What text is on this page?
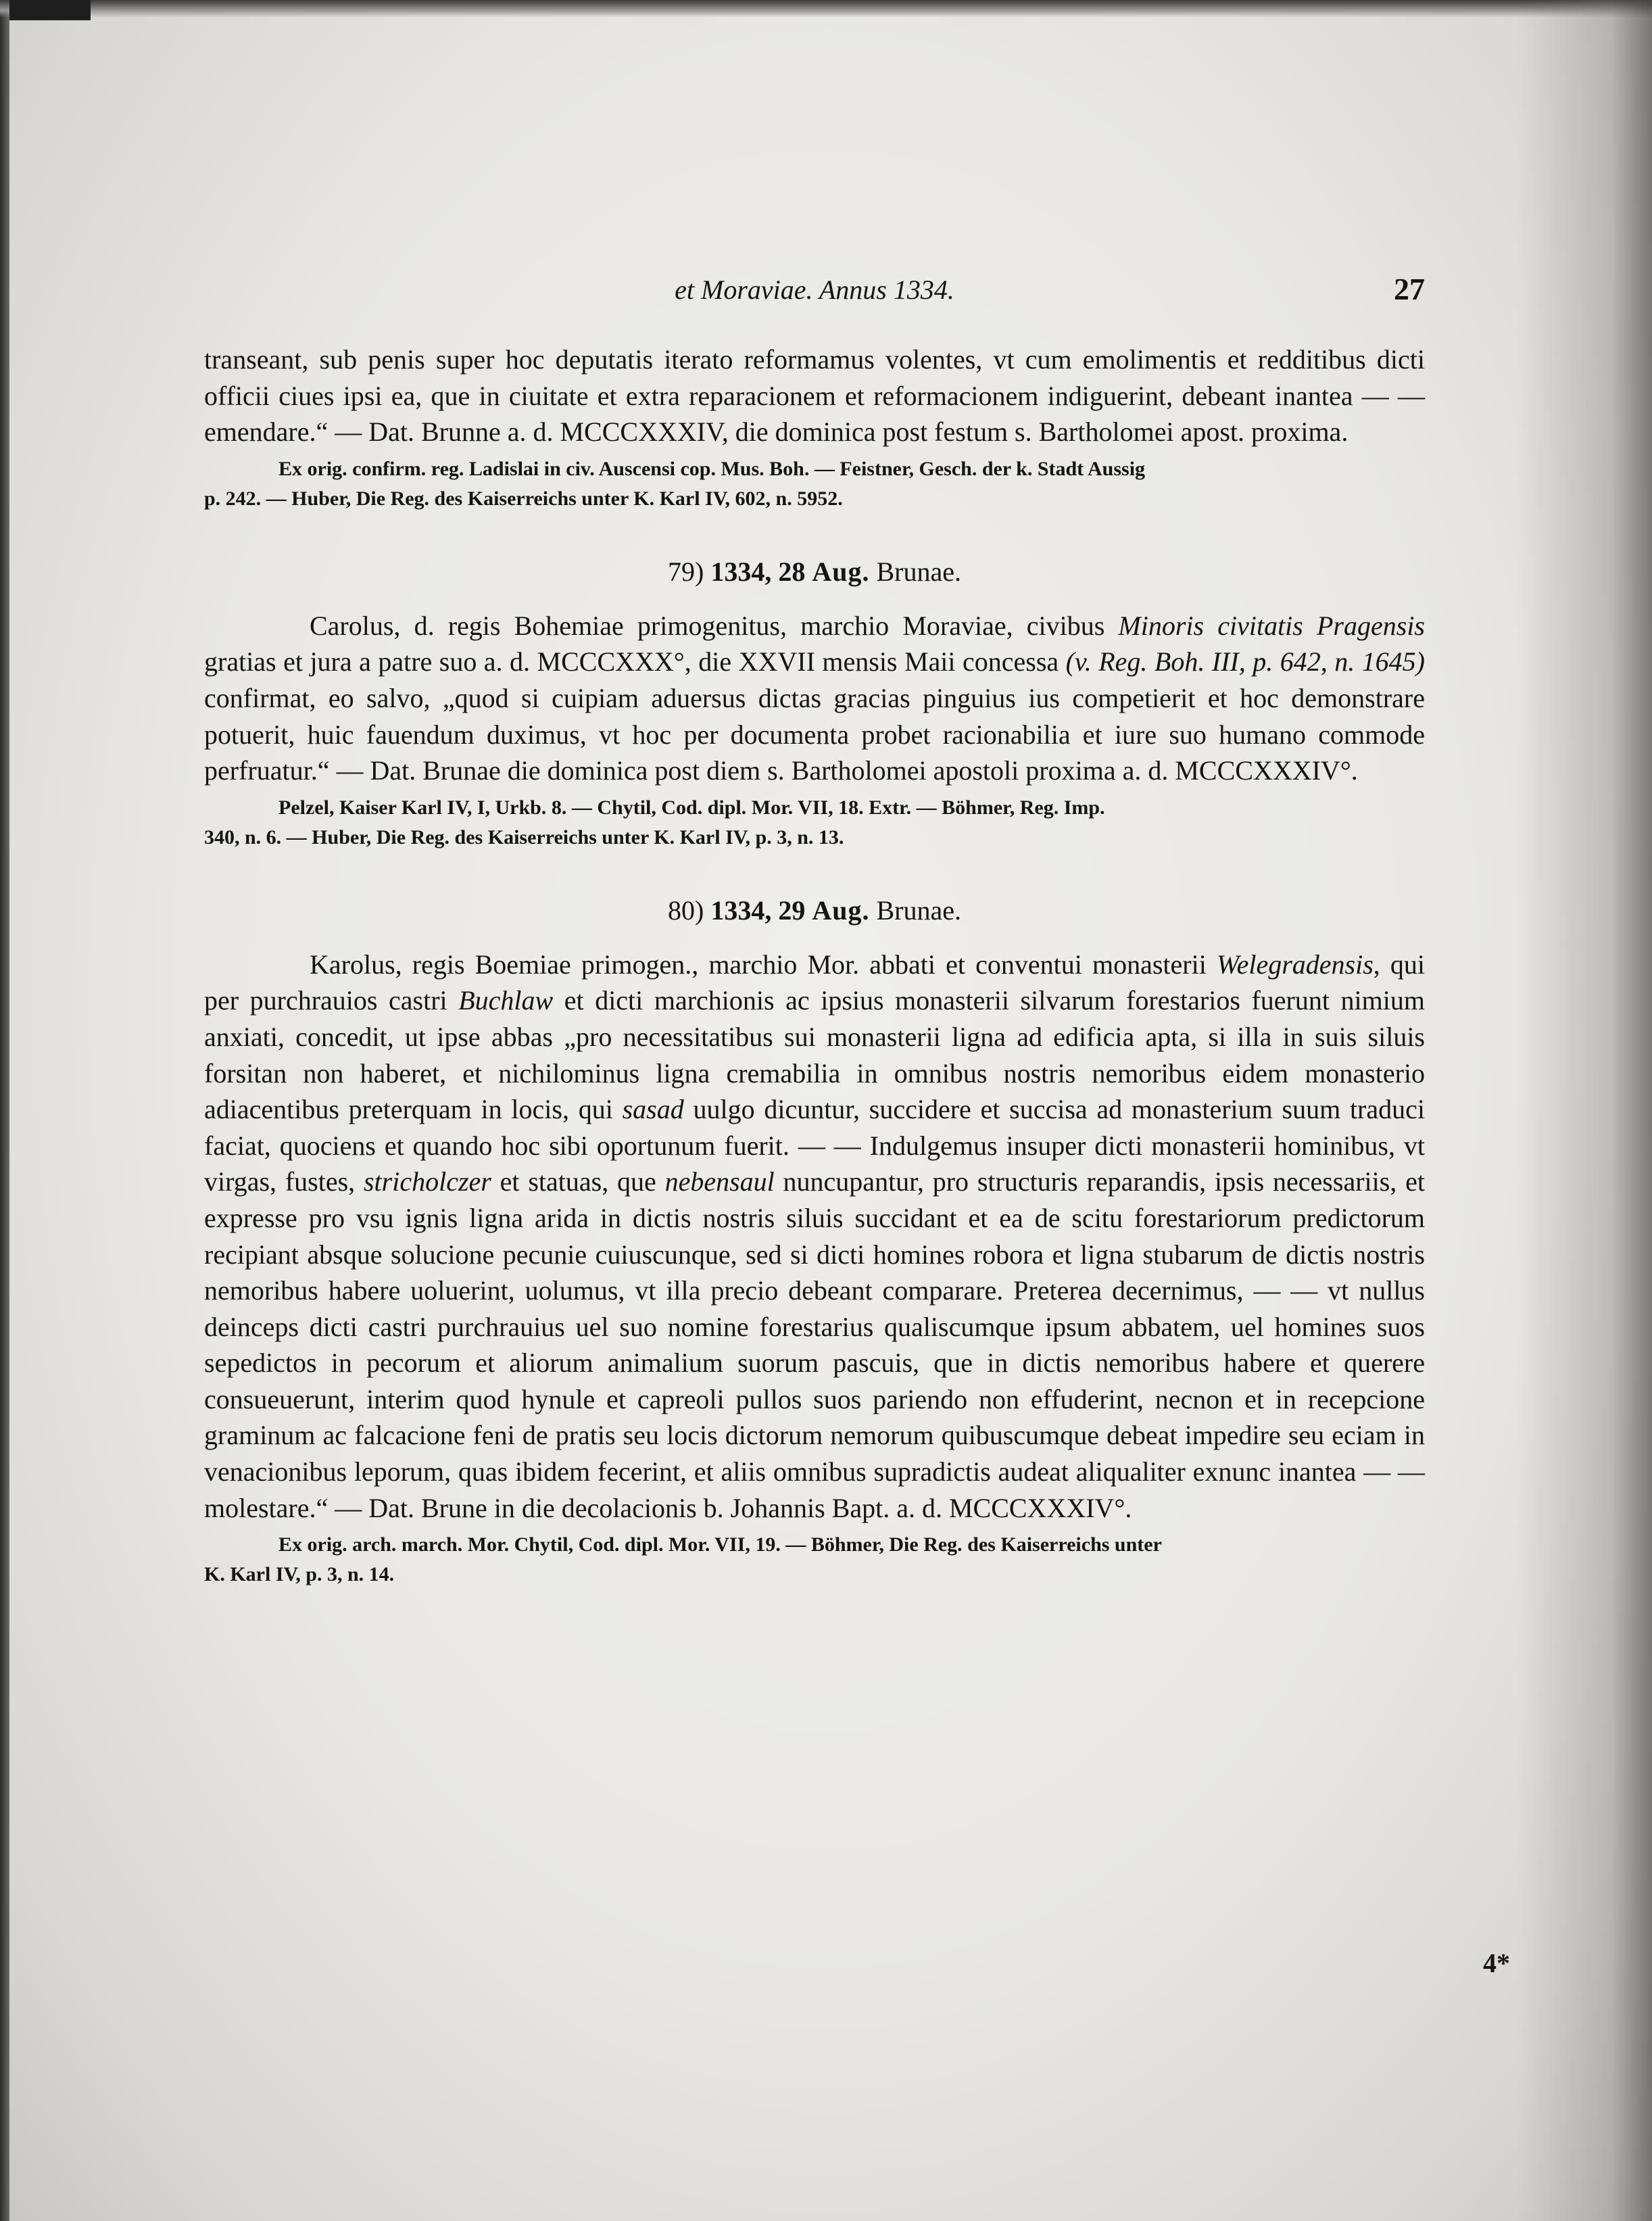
et Moraviae. Annus 1334.	27

transeant, sub penis super hoc deputatis iterato reformamus volentes, vt cum emolimentis et redditibus dicti officii ciues ipsi ea, que in ciuitate et extra reparacionem et reformacionem indiguerint, debeant inantea — — emendare.“ — Dat. Brunne a. d. MCCCXXXIV, die dominica post festum s. Bartholomei apost. proxima.

Ex orig. confirm. reg. Ladislai in civ. Auscensi cop. Mus. Boh. — Feistner, Gesch. der k. Stadt Aussig
p. 242. — Huber, Die Reg. des Kaiserreichs unter K. Karl IV, 602, n. 5952.

79) 1334, 28 Aug. Brunae.

Carolus, d. regis Bohemiae primogenitus, marchio Moraviae, civibus Minoris civitatis Pragensis gratias et jura a patre suo a. d. MCCCXXX°, die XXVII mensis Maii concessa (v. Reg. Boh. III, p. 642, n. 1645) confirmat, eo salvo, „quod si cuipiam aduersus dictas gracias pinguius ius competierit et hoc demonstrare potuerit, huic fauendum duximus, vt hoc per documenta probet racionabilia et iure suo humano commode perfruatur.“ — Dat. Brunae die dominica post diem s. Bartholomei apostoli proxima a. d. MCCCXXXIV°.

Pelzel, Kaiser Karl IV, I, Urkb. 8. — Chytil, Cod. dipl. Mor. VII, 18. Extr. — Böhmer, Reg. Imp.
340, n. 6. — Huber, Die Reg. des Kaiserreichs unter K. Karl IV, p. 3, n. 13.

80) 1334, 29 Aug. Brunae.

Karolus, regis Boemiae primogen., marchio Mor. abbati et conventui monasterii Welegradensis, qui per purchrauios castri Buchlaw et dicti marchionis ac ipsius monasterii silvarum forestarios fuerunt nimium anxiati, concedit, ut ipse abbas „pro necessitatibus sui monasterii ligna ad edificia apta, si illa in suis siluis forsitan non haberet, et nichilominus ligna cremabilia in omnibus nostris nemoribus eidem monasterio adiacentibus preterquam in locis, qui sasad uulgo dicuntur, succidere et succisa ad monasterium suum traduci faciat, quociens et quando hoc sibi oportunum fuerit. — — Indulgemus insuper dicti monasterii hominibus, vt virgas, fustes, stricholczer et statuas, que nebensaul nuncupantur, pro structuris reparandis, ipsis necessariis, et expresse pro vsu ignis ligna arida in dictis nostris siluis succidant et ea de scitu forestariorum predictorum recipiant absque solucione pecunie cuiuscunque, sed si dicti homines robora et ligna stubarum de dictis nostris nemoribus habere uoluerint, uolumus, vt illa precio debeant comparare. Preterea decernimus, — — vt nullus deinceps dicti castri purchrauius uel suo nomine forestarius qualiscumque ipsum abbatem, uel homines suos sepedictos in pecorum et aliorum animalium suorum pascuis, que in dictis nemoribus habere et querere consueuerunt, interim quod hynule et capreoli pullos suos pariendo non effuderint, necnon et in recepcione graminum ac falcacione feni de pratis seu locis dictorum nemorum quibuscumque debeat impedire seu eciam in venacionibus leporum, quas ibidem fecerint, et aliis omnibus supradictis audeat aliqualiter exnunc inantea — — molestare.“ — Dat. Brune in die decolacionis b. Johannis Bapt. a. d. MCCCXXXIV°.

Ex orig. arch. march. Mor. Chytil, Cod. dipl. Mor. VII, 19. — Böhmer, Die Reg. des Kaiserreichs unter
K. Karl IV, p. 3, n. 14.

4*
